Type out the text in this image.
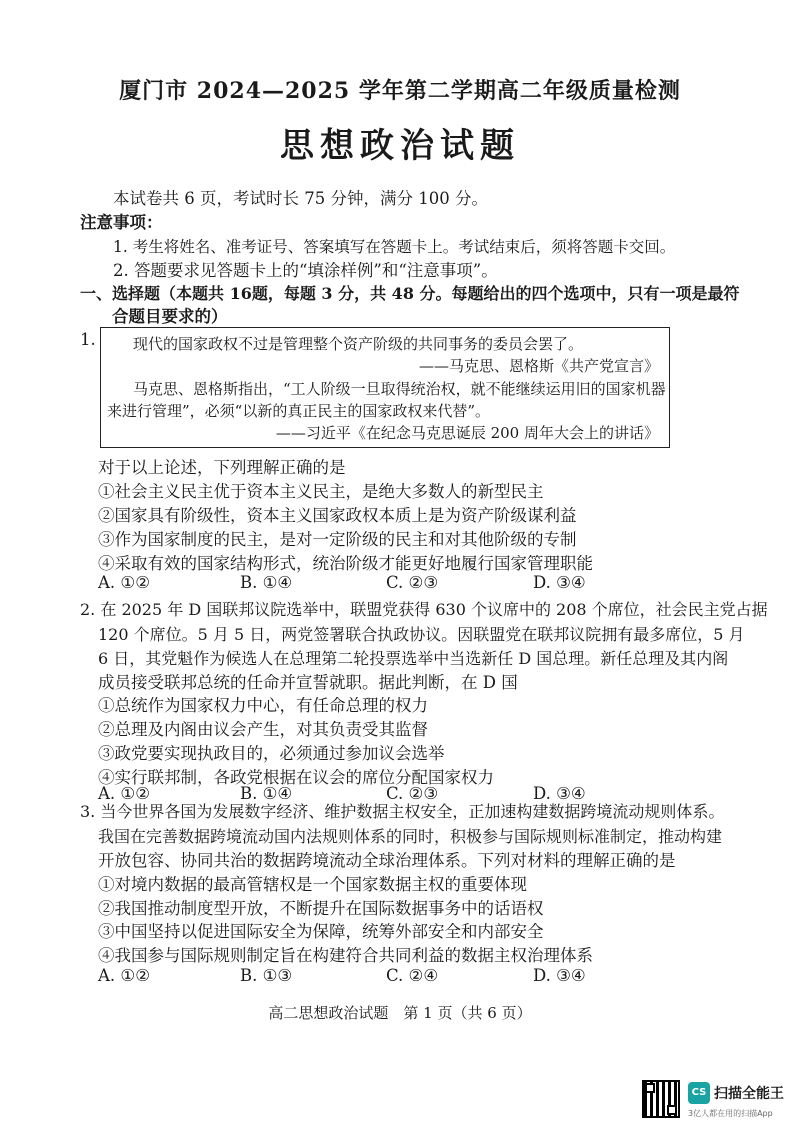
厦门市 2024—2025 学年第二学期高二年级质量检测
思想政治试题
本试卷共 6 页，考试时长 75 分钟，满分 100 分。
注意事项：
1. 考生将姓名、准考证号、答案填写在答题卡上。考试结束后，须将答题卡交回。
2. 答题要求见答题卡上的“填涂样例”和“注意事项”。
一、选择题（本题共 16题，每题 3 分，共 48 分。每题给出的四个选项中，只有一项是最符
合题目要求的）
1. 现代的国家政权不过是管理整个资产阶级的共同事务的委员会罢了。
——马克思、恩格斯《共产党宣言》
马克思、恩格斯指出，“工人阶级一旦取得统治权，就不能继续运用旧的国家机器
来进行管理”，必须“以新的真正民主的国家政权来代替”。
——习近平《在纪念马克思诞辰 200 周年大会上的讲话》
对于以上论述，下列理解正确的是
①社会主义民主优于资本主义民主，是绝大多数人的新型民主
②国家具有阶级性，资本主义国家政权本质上是为资产阶级谋利益
③作为国家制度的民主，是对一定阶级的民主和对其他阶级的专制
④采取有效的国家结构形式，统治阶级才能更好地履行国家管理职能
A. ①②	B. ①④	C. ②③	D. ③④
2. 在 2025 年 D 国联邦议院选举中，联盟党获得 630 个议席中的 208 个席位，社会民主党占据
120 个席位。5 月 5 日，两党签署联合执政协议。因联盟党在联邦议院拥有最多席位，5 月
6 日，其党魁作为候选人在总理第二轮投票选举中当选新任 D 国总理。新任总理及其内阁
成员接受联邦总统的任命并宣誓就职。据此判断，在 D 国
①总统作为国家权力中心，有任命总理的权力
②总理及内阁由议会产生，对其负责受其监督
③政党要实现执政目的，必须通过参加议会选举
④实行联邦制，各政党根据在议会的席位分配国家权力
A. ①②	B. ①④	C. ②③	D. ③④
3. 当今世界各国为发展数字经济、维护数据主权安全，正加速构建数据跨境流动规则体系。
我国在完善数据跨境流动国内法规则体系的同时，积极参与国际规则标准制定，推动构建
开放包容、协同共治的数据跨境流动全球治理体系。下列对材料的理解正确的是
①对境内数据的最高管辖权是一个国家数据主权的重要体现
②我国推动制度型开放，不断提升在国际数据事务中的话语权
③中国坚持以促进国际安全为保障，统筹外部安全和内部安全
④我国参与国际规则制定旨在构建符合共同利益的数据主权治理体系
A. ①②	B. ①③	C. ②④	D. ③④
高二思想政治试题　第 1 页（共 6 页）
CS 扫描全能王
3亿人都在用的扫描App
